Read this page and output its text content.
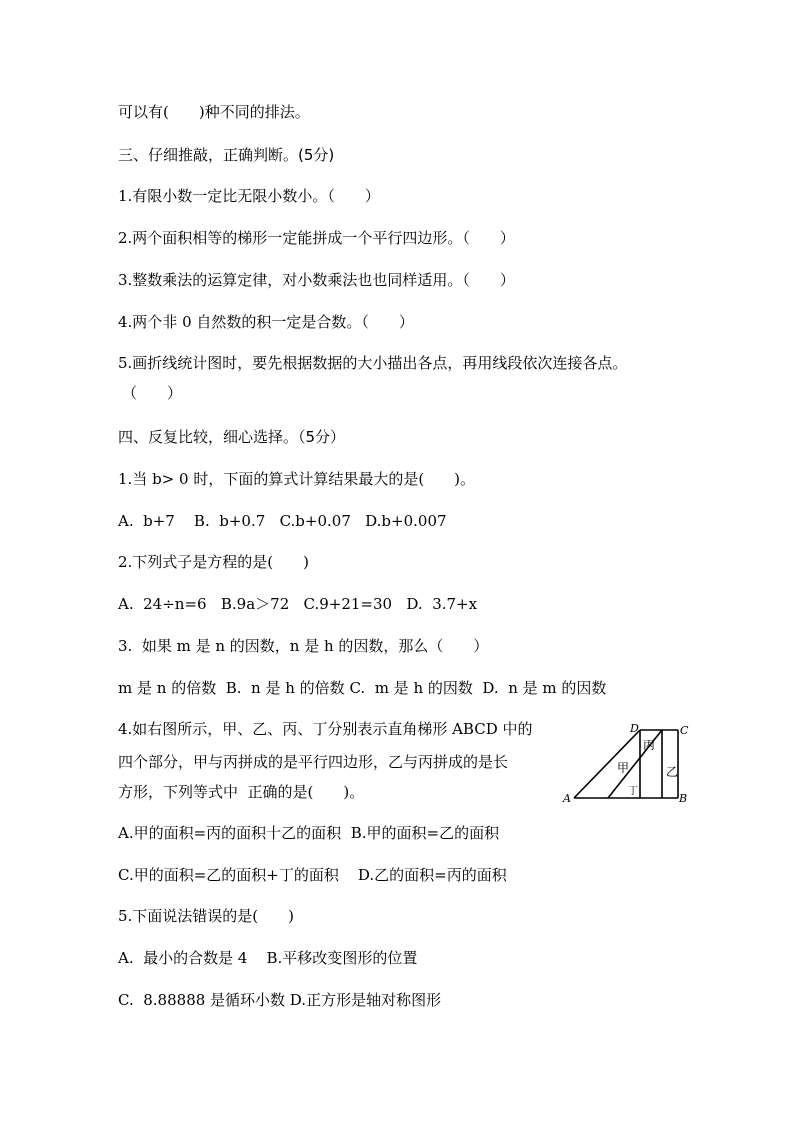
可以有(　　)种不同的排法。
三、仔细推敲，正确判断。(5分)
1.有限小数一定比无限小数小。（　　）
2.两个面积相等的梯形一定能拼成一个平行四边形。（　　）
3.整数乘法的运算定律，对小数乘法也也同样适用。（　　）
4.两个非 0 自然数的积一定是合数。（　　）
5.画折线统计图时，要先根据数据的大小描出各点，再用线段依次连接各点。
（　　）
四、反复比较，细心选择。（5分）
1.当 b> 0 时，下面的算式计算结果最大的是(　　)。
A.  b+7    B.  b+0.7   C.b+0.07   D.b+0.007
2.下列式子是方程的是(　　)
A.  24÷n=6   B.9a＞72   C.9+21=30   D.  3.7+x
3.  如果 m 是 n 的因数，n 是 h 的因数，那么（　　）
m 是 n 的倍数  B.  n 是 h 的倍数 C.  m 是 h 的因数  D.  n 是 m 的因数
4.如右图所示，甲、乙、丙、丁分别表示直角梯形 ABCD 中的
四个部分，甲与丙拼成的是平行四边形，乙与丙拼成的是长
方形，下列等式中  正确的是(　　)。
A.甲的面积=丙的面积十乙的面积  B.甲的面积=乙的面积
C.甲的面积=乙的面积+丁的面积    D.乙的面积=丙的面积
5.下面说法错误的是(　　)
A.  最小的合数是 4    B.平移改变图形的位置
C.  8.88888 是循环小数 D.正方形是轴对称图形
D	C
A	B
丙
甲	乙
丁
